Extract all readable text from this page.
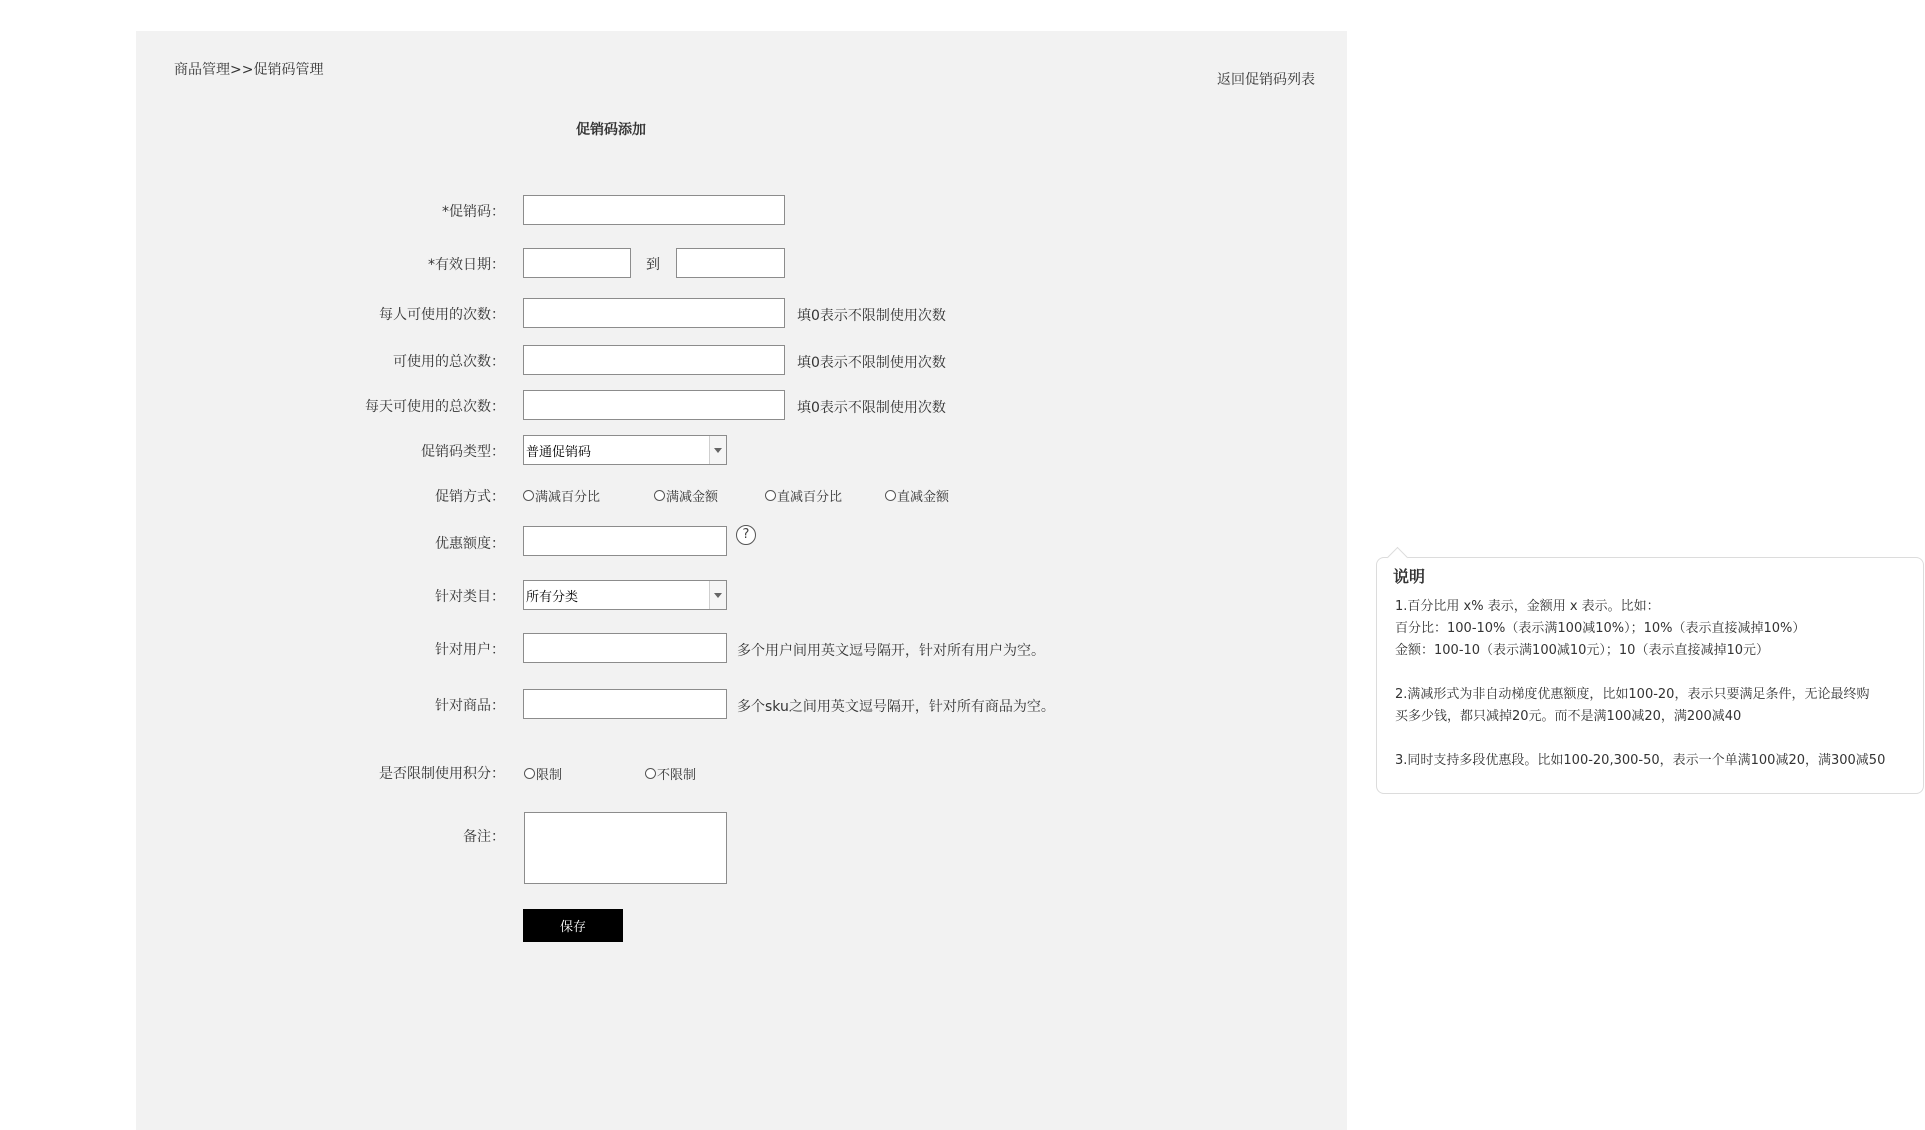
商品管理>>促销码管理
返回促销码列表
促销码添加
*促销码：
*有效日期：	到
每人可使用的次数：	填0表示不限制使用次数
可使用的总次数：	填0表示不限制使用次数
每天可使用的总次数：	填0表示不限制使用次数
促销码类型： 普通促销码
促销方式： 满减百分比	满减金额	直减百分比	直减金额
优惠额度：
?
针对类目： 所有分类
针对用户：	多个用户间用英文逗号隔开，针对所有用户为空。
针对商品：	多个sku之间用英文逗号隔开，针对所有商品为空。
是否限制使用积分： 限制	不限制
备注：
保存
说明
1.百分比用 x% 表示，金额用 x 表示。比如：
百分比：100-10%（表示满100减10%）；10%（表示直接减掉10%）
金额：100-10（表示满100减10元）；10（表示直接减掉10元）
2.满减形式为非自动梯度优惠额度，比如100-20，表示只要满足条件，无论最终购
买多少钱，都只减掉20元。而不是满100减20，满200减40
3.同时支持多段优惠段。比如100-20,300-50，表示一个单满100减20，满300减50
